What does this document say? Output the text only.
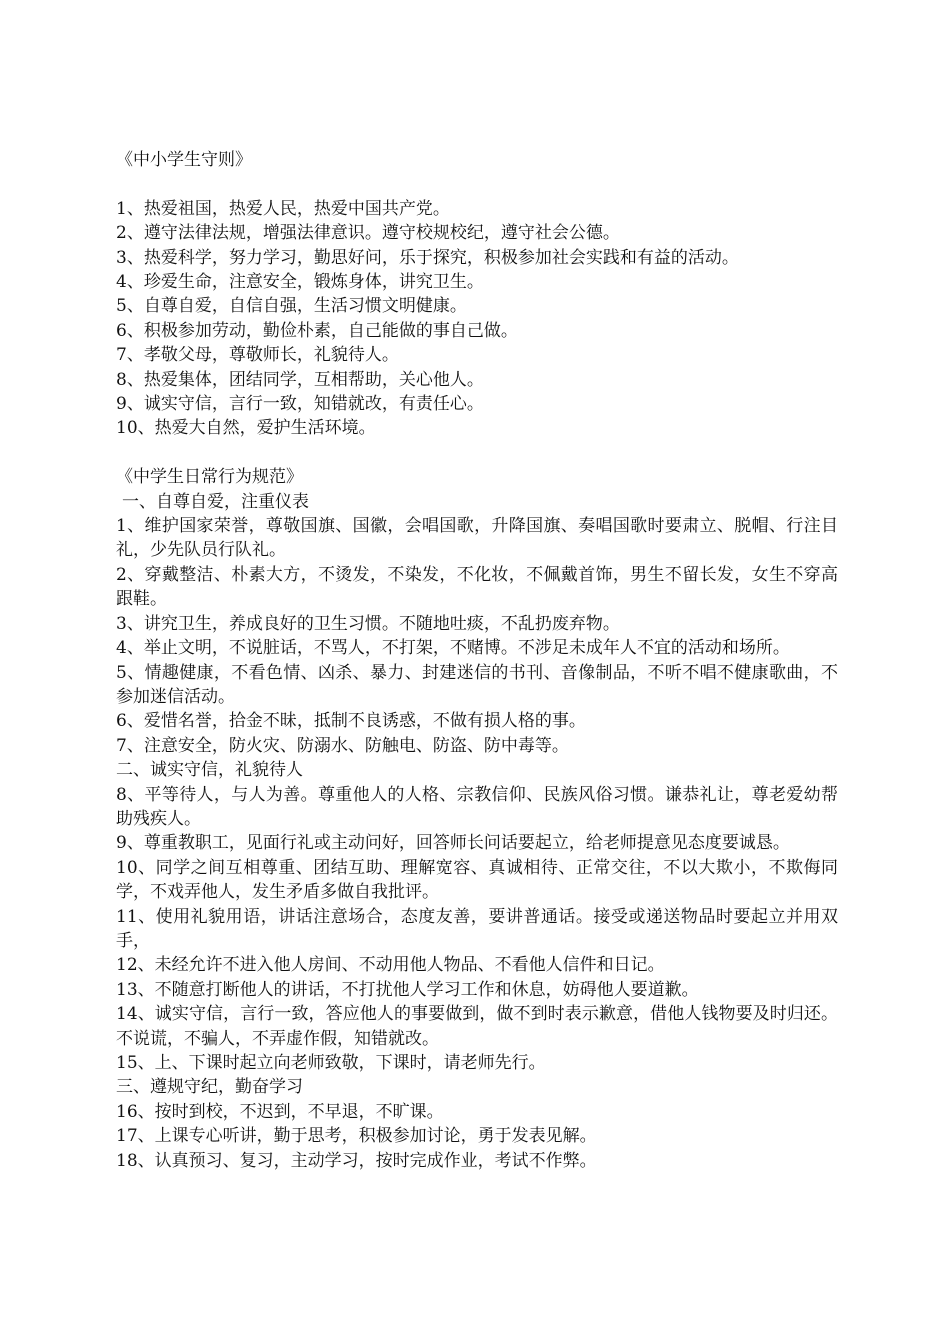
《中小学生守则》

1、热爱祖国，热爱人民，热爱中国共产党。

2、遵守法律法规，增强法律意识。遵守校规校纪，遵守社会公德。

3、热爱科学，努力学习，勤思好问，乐于探究，积极参加社会实践和有益的活动。

4、珍爱生命，注意安全，锻炼身体，讲究卫生。

5、自尊自爱，自信自强，生活习惯文明健康。

6、积极参加劳动，勤俭朴素，自己能做的事自己做。

7、孝敬父母，尊敬师长，礼貌待人。

8、热爱集体，团结同学，互相帮助，关心他人。

9、诚实守信，言行一致，知错就改，有责任心。

10、热爱大自然，爱护生活环境。

《中学生日常行为规范》

一、自尊自爱，注重仪表

1、维护国家荣誉，尊敬国旗、国徽，会唱国歌，升降国旗、奏唱国歌时要肃立、脱帽、行注目礼，少先队员行队礼。

2、穿戴整洁、朴素大方，不烫发，不染发，不化妆，不佩戴首饰，男生不留长发，女生不穿高跟鞋。

3、讲究卫生，养成良好的卫生习惯。不随地吐痰，不乱扔废弃物。

4、举止文明，不说脏话，不骂人，不打架，不赌博。不涉足未成年人不宜的活动和场所。

5、情趣健康，不看色情、凶杀、暴力、封建迷信的书刊、音像制品，不听不唱不健康歌曲，不参加迷信活动。

6、爱惜名誉，拾金不昧，抵制不良诱惑，不做有损人格的事。

7、注意安全，防火灾、防溺水、防触电、防盗、防中毒等。

二、诚实守信，礼貌待人

8、平等待人，与人为善。尊重他人的人格、宗教信仰、民族风俗习惯。谦恭礼让，尊老爱幼帮助残疾人。

9、尊重教职工，见面行礼或主动问好，回答师长问话要起立，给老师提意见态度要诚恳。

10、同学之间互相尊重、团结互助、理解宽容、真诚相待、正常交往，不以大欺小，不欺侮同学，不戏弄他人，发生矛盾多做自我批评。

11、使用礼貌用语，讲话注意场合，态度友善，要讲普通话。接受或递送物品时要起立并用双手，

12、未经允许不进入他人房间、不动用他人物品、不看他人信件和日记。

13、不随意打断他人的讲话，不打扰他人学习工作和休息，妨碍他人要道歉。

14、诚实守信，言行一致，答应他人的事要做到，做不到时表示歉意，借他人钱物要及时归还。不说谎，不骗人，不弄虚作假，知错就改。

15、上、下课时起立向老师致敬，下课时，请老师先行。

三、遵规守纪，勤奋学习

16、按时到校，不迟到，不早退，不旷课。

17、上课专心听讲，勤于思考，积极参加讨论，勇于发表见解。

18、认真预习、复习，主动学习，按时完成作业，考试不作弊。
